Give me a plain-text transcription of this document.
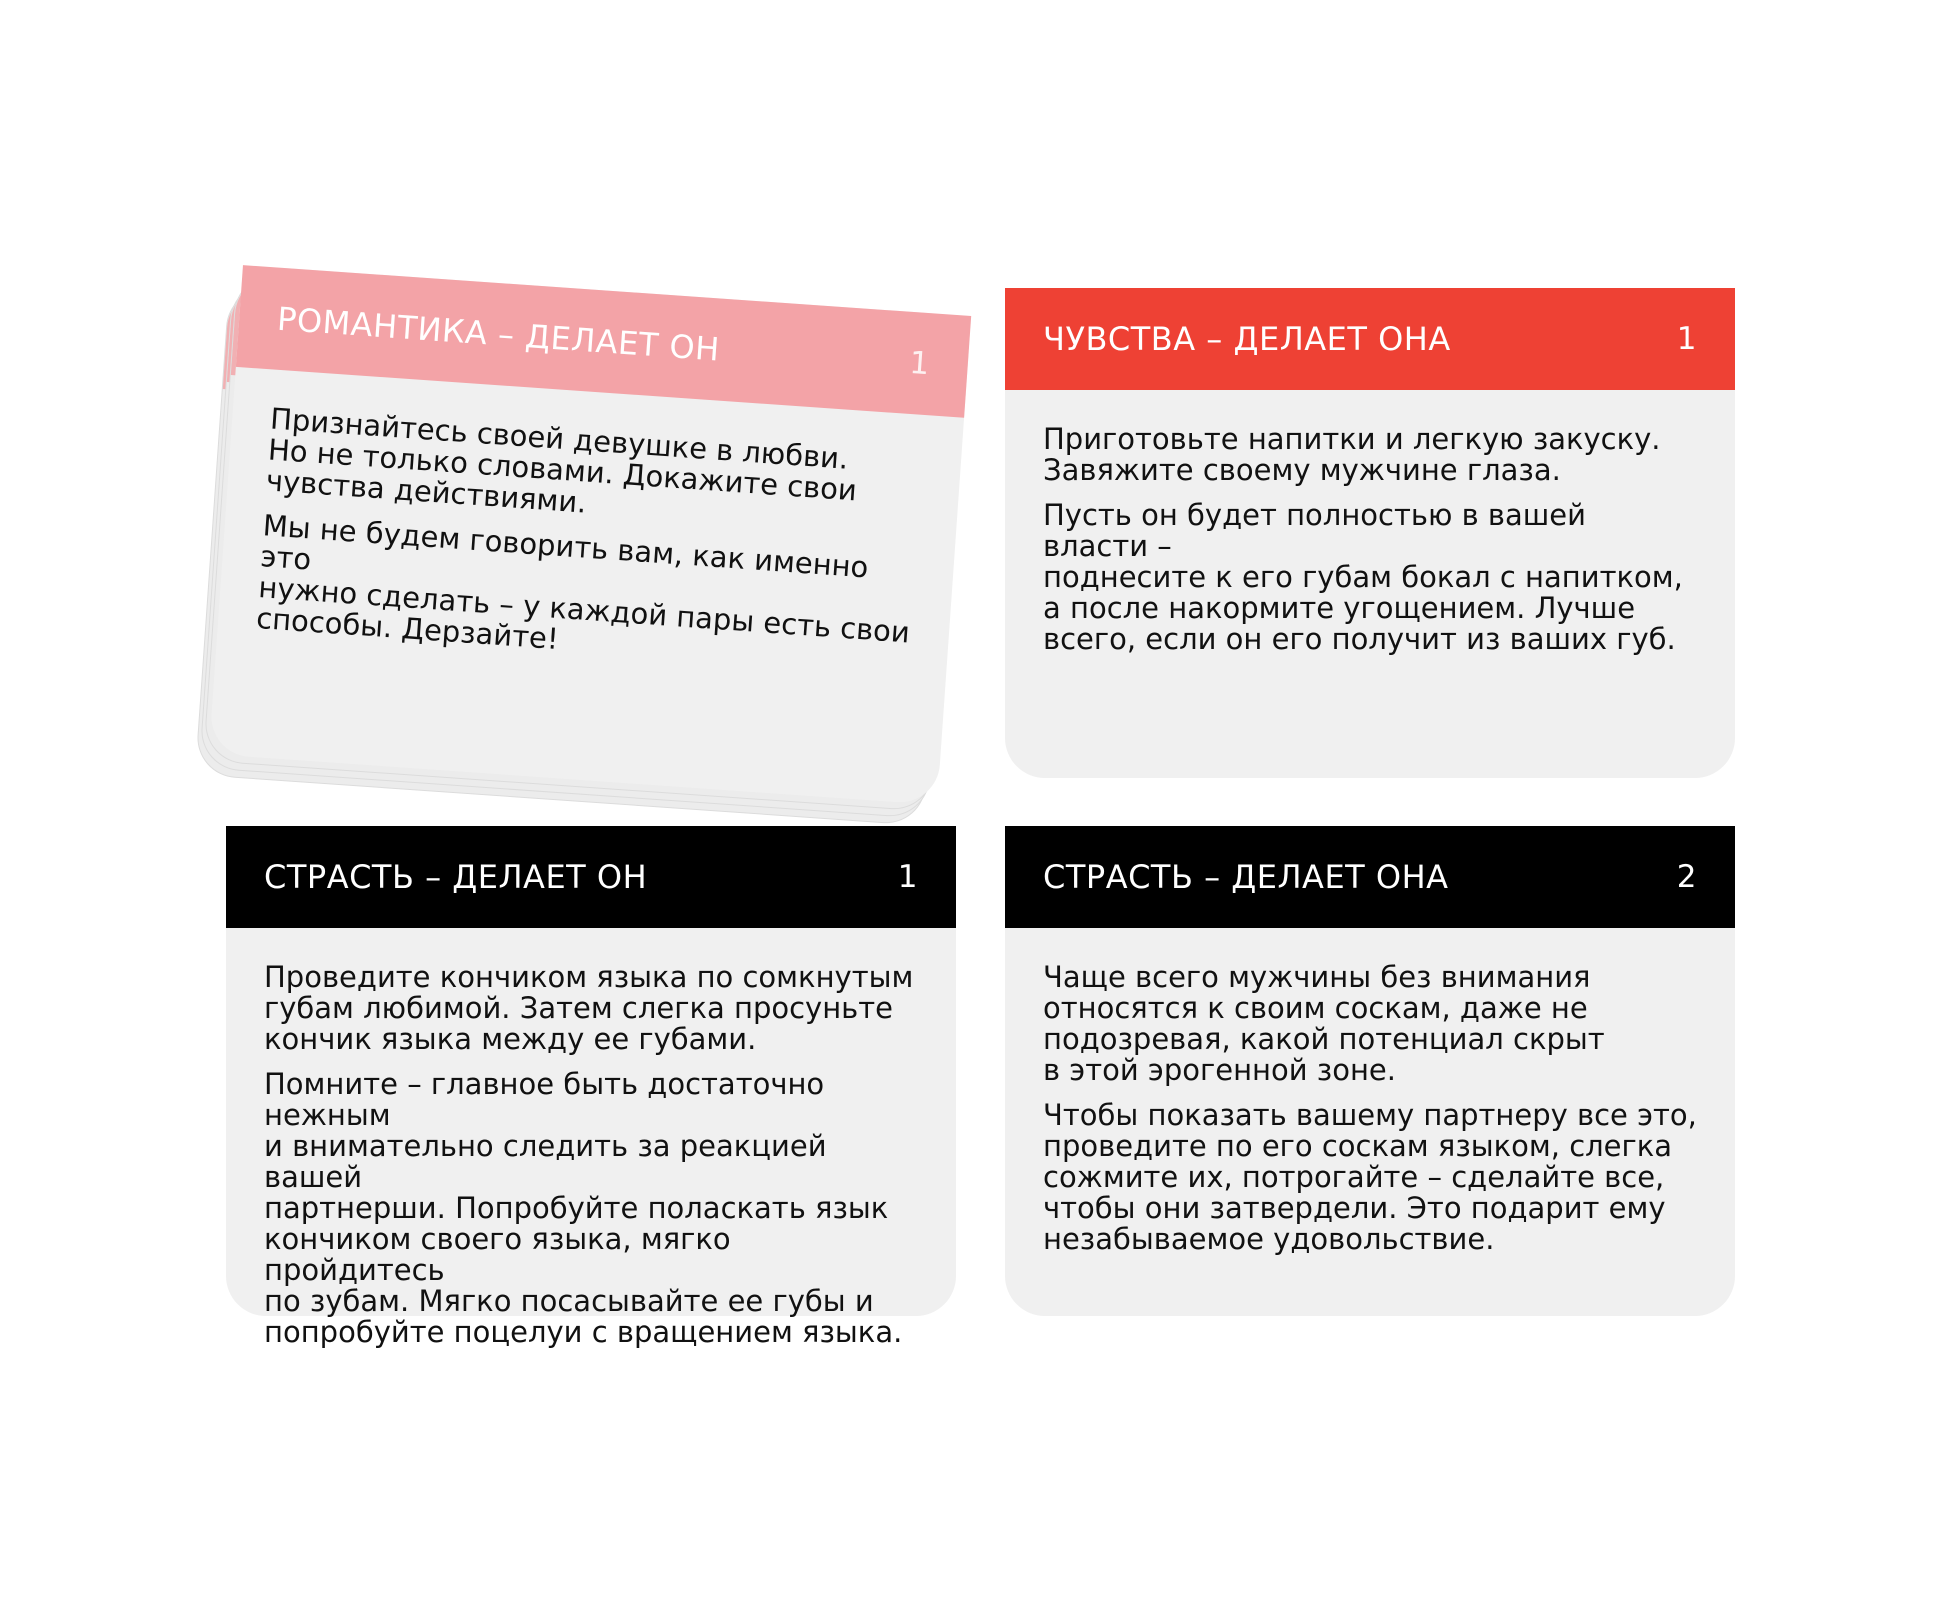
РОМАНТИКА – ДЕЛАЕТ ОН	1

Признайтесь своей девушке в любви.
Но не только словами. Докажите свои
чувства действиями.

Мы не будем говорить вам, как именно это
нужно сделать – у каждой пары есть свои
способы. Дерзайте!

ЧУВСТВА – ДЕЛАЕТ ОНА	1

Приготовьте напитки и легкую закуску.
Завяжите своему мужчине глаза.

Пусть он будет полностью в вашей власти –
поднесите к его губам бокал с напитком,
а после накормите угощением. Лучше
всего, если он его получит из ваших губ.

СТРАСТЬ – ДЕЛАЕТ ОН	1

Проведите кончиком языка по сомкнутым
губам любимой. Затем слегка просуньте
кончик языка между ее губами.

Помните – главное быть достаточно нежным
и внимательно следить за реакцией вашей
партнерши. Попробуйте поласкать язык
кончиком своего языка, мягко пройдитесь
по зубам. Мягко посасывайте ее губы и
попробуйте поцелуи с вращением языка.

СТРАСТЬ – ДЕЛАЕТ ОНА	2

Чаще всего мужчины без внимания
относятся к своим соскам, даже не
подозревая, какой потенциал скрыт
в этой эрогенной зоне.

Чтобы показать вашему партнеру все это,
проведите по его соскам языком, слегка
сожмите их, потрогайте – сделайте все,
чтобы они затвердели. Это подарит ему
незабываемое удовольствие.
